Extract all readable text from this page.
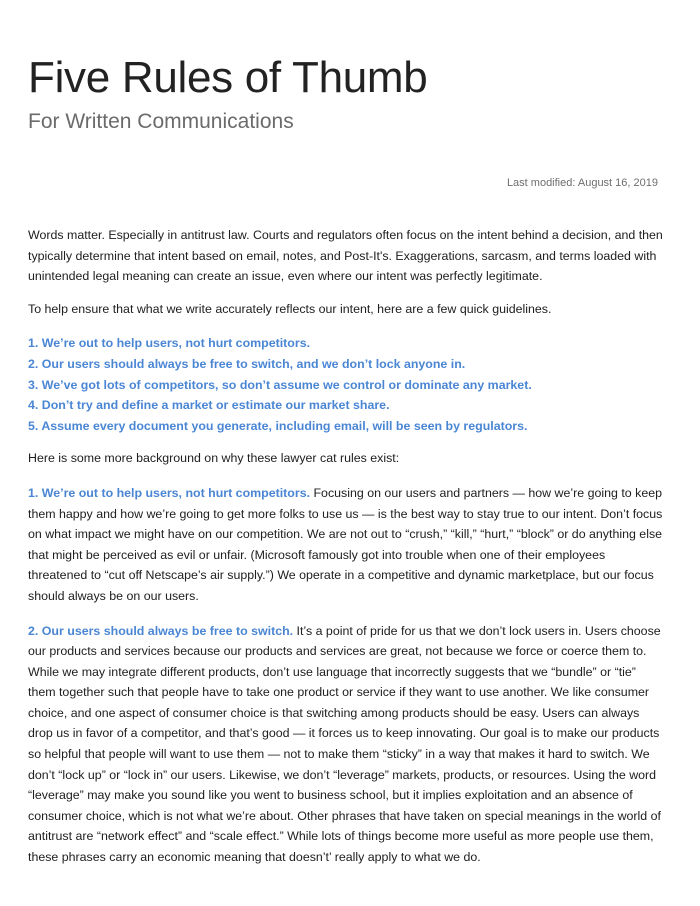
Five Rules of Thumb
For Written Communications
Last modified: August 16, 2019

Words matter. Especially in antitrust law. Courts and regulators often focus on the intent behind a decision, and then typically determine that intent based on email, notes, and Post-It's. Exaggerations, sarcasm, and terms loaded with unintended legal meaning can create an issue, even where our intent was perfectly legitimate.

To help ensure that what we write accurately reflects our intent, here are a few quick guidelines.

1. We’re out to help users, not hurt competitors.
2. Our users should always be free to switch, and we don’t lock anyone in.
3. We’ve got lots of competitors, so don’t assume we control or dominate any market.
4. Don’t try and define a market or estimate our market share.
5. Assume every document you generate, including email, will be seen by regulators.

Here is some more background on why these lawyer cat rules exist:

1. We’re out to help users, not hurt competitors. Focusing on our users and partners — how we’re going to keep them happy and how we’re going to get more folks to use us — is the best way to stay true to our intent. Don’t focus on what impact we might have on our competition. We are not out to “crush,” “kill,” “hurt,” “block” or do anything else that might be perceived as evil or unfair. (Microsoft famously got into trouble when one of their employees threatened to “cut off Netscape’s air supply.”) We operate in a competitive and dynamic marketplace, but our focus should always be on our users.

2. Our users should always be free to switch. It’s a point of pride for us that we don’t lock users in. Users choose our products and services because our products and services are great, not because we force or coerce them to. While we may integrate different products, don’t use language that incorrectly suggests that we “bundle” or “tie” them together such that people have to take one product or service if they want to use another. We like consumer choice, and one aspect of consumer choice is that switching among products should be easy. Users can always drop us in favor of a competitor, and that’s good — it forces us to keep innovating. Our goal is to make our products so helpful that people will want to use them — not to make them “sticky” in a way that makes it hard to switch. We don’t “lock up” or “lock in” our users. Likewise, we don’t “leverage” markets, products, or resources. Using the word “leverage” may make you sound like you went to business school, but it implies exploitation and an absence of consumer choice, which is not what we’re about. Other phrases that have taken on special meanings in the world of antitrust are “network effect” and “scale effect.” While lots of things become more useful as more people use them, these phrases carry an economic meaning that doesn’t’ really apply to what we do.
